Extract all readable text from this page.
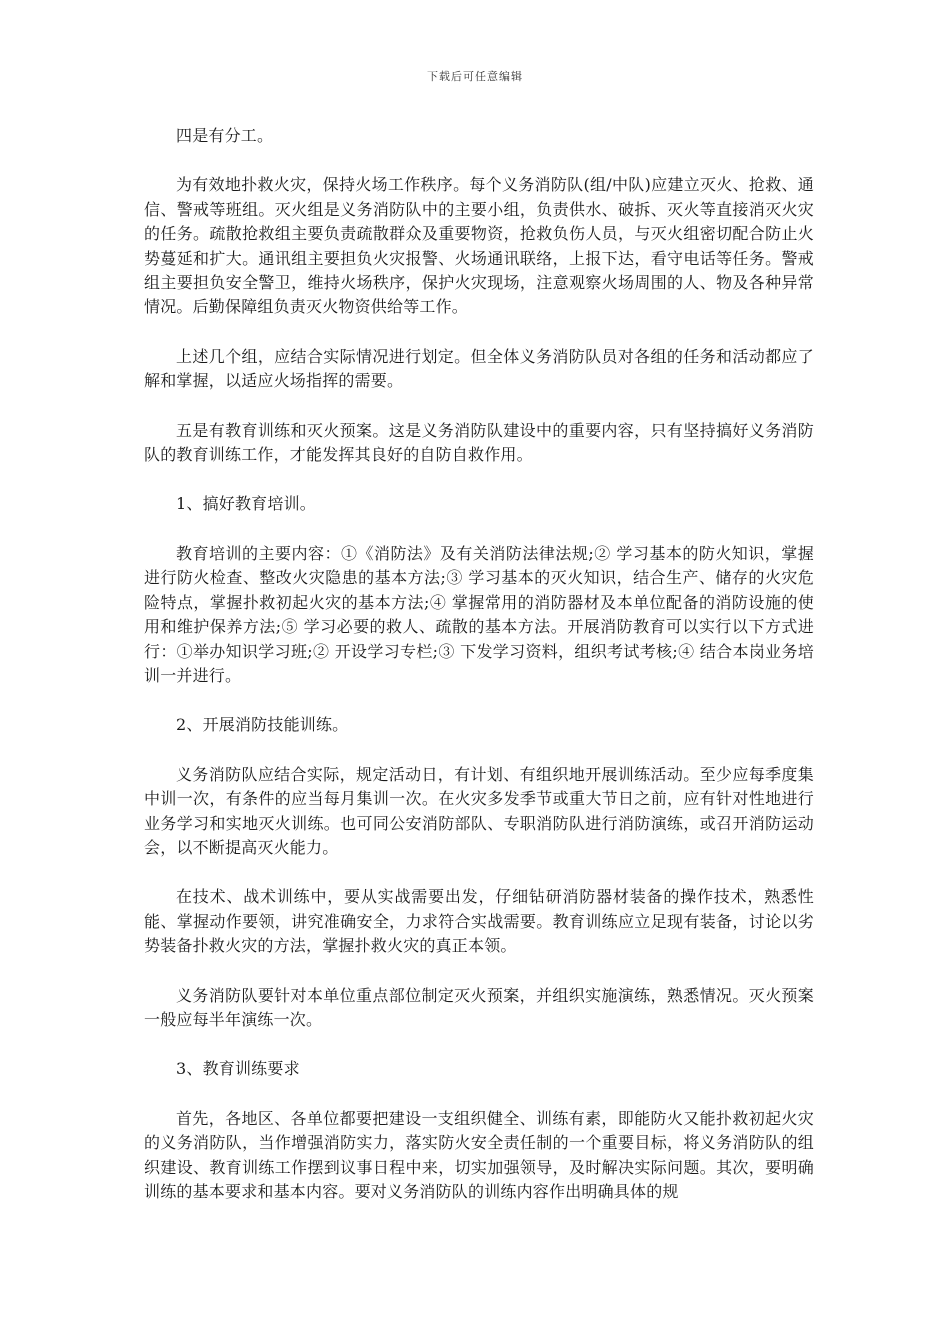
下载后可任意编辑

四是有分工。

为有效地扑救火灾，保持火场工作秩序。每个义务消防队(组/中队)应建立灭火、抢救、通信、警戒等班组。灭火组是义务消防队中的主要小组，负责供水、破拆、灭火等直接消灭火灾的任务。疏散抢救组主要负责疏散群众及重要物资，抢救负伤人员，与灭火组密切配合防止火势蔓延和扩大。通讯组主要担负火灾报警、火场通讯联络，上报下达，看守电话等任务。警戒组主要担负安全警卫，维持火场秩序，保护火灾现场，注意观察火场周围的人、物及各种异常情况。后勤保障组负责灭火物资供给等工作。

上述几个组，应结合实际情况进行划定。但全体义务消防队员对各组的任务和活动都应了解和掌握，以适应火场指挥的需要。

五是有教育训练和灭火预案。这是义务消防队建设中的重要内容，只有坚持搞好义务消防队的教育训练工作，才能发挥其良好的自防自救作用。

1、搞好教育培训。

教育培训的主要内容：①《消防法》及有关消防法律法规;② 学习基本的防火知识，掌握进行防火检查、整改火灾隐患的基本方法;③ 学习基本的灭火知识，结合生产、储存的火灾危险特点，掌握扑救初起火灾的基本方法;④ 掌握常用的消防器材及本单位配备的消防设施的使用和维护保养方法;⑤ 学习必要的救人、疏散的基本方法。开展消防教育可以实行以下方式进行：①举办知识学习班;② 开设学习专栏;③ 下发学习资料，组织考试考核;④ 结合本岗业务培训一并进行。

2、开展消防技能训练。

义务消防队应结合实际，规定活动日，有计划、有组织地开展训练活动。至少应每季度集中训一次，有条件的应当每月集训一次。在火灾多发季节或重大节日之前，应有针对性地进行业务学习和实地灭火训练。也可同公安消防部队、专职消防队进行消防演练，或召开消防运动会，以不断提高灭火能力。

在技术、战术训练中，要从实战需要出发，仔细钻研消防器材装备的操作技术，熟悉性能、掌握动作要领，讲究准确安全，力求符合实战需要。教育训练应立足现有装备，讨论以劣势装备扑救火灾的方法，掌握扑救火灾的真正本领。

义务消防队要针对本单位重点部位制定灭火预案，并组织实施演练，熟悉情况。灭火预案一般应每半年演练一次。

3、教育训练要求

首先，各地区、各单位都要把建设一支组织健全、训练有素，即能防火又能扑救初起火灾的义务消防队，当作增强消防实力，落实防火安全责任制的一个重要目标，将义务消防队的组织建设、教育训练工作摆到议事日程中来，切实加强领导，及时解决实际问题。其次，要明确训练的基本要求和基本内容。要对义务消防队的训练内容作出明确具体的规
